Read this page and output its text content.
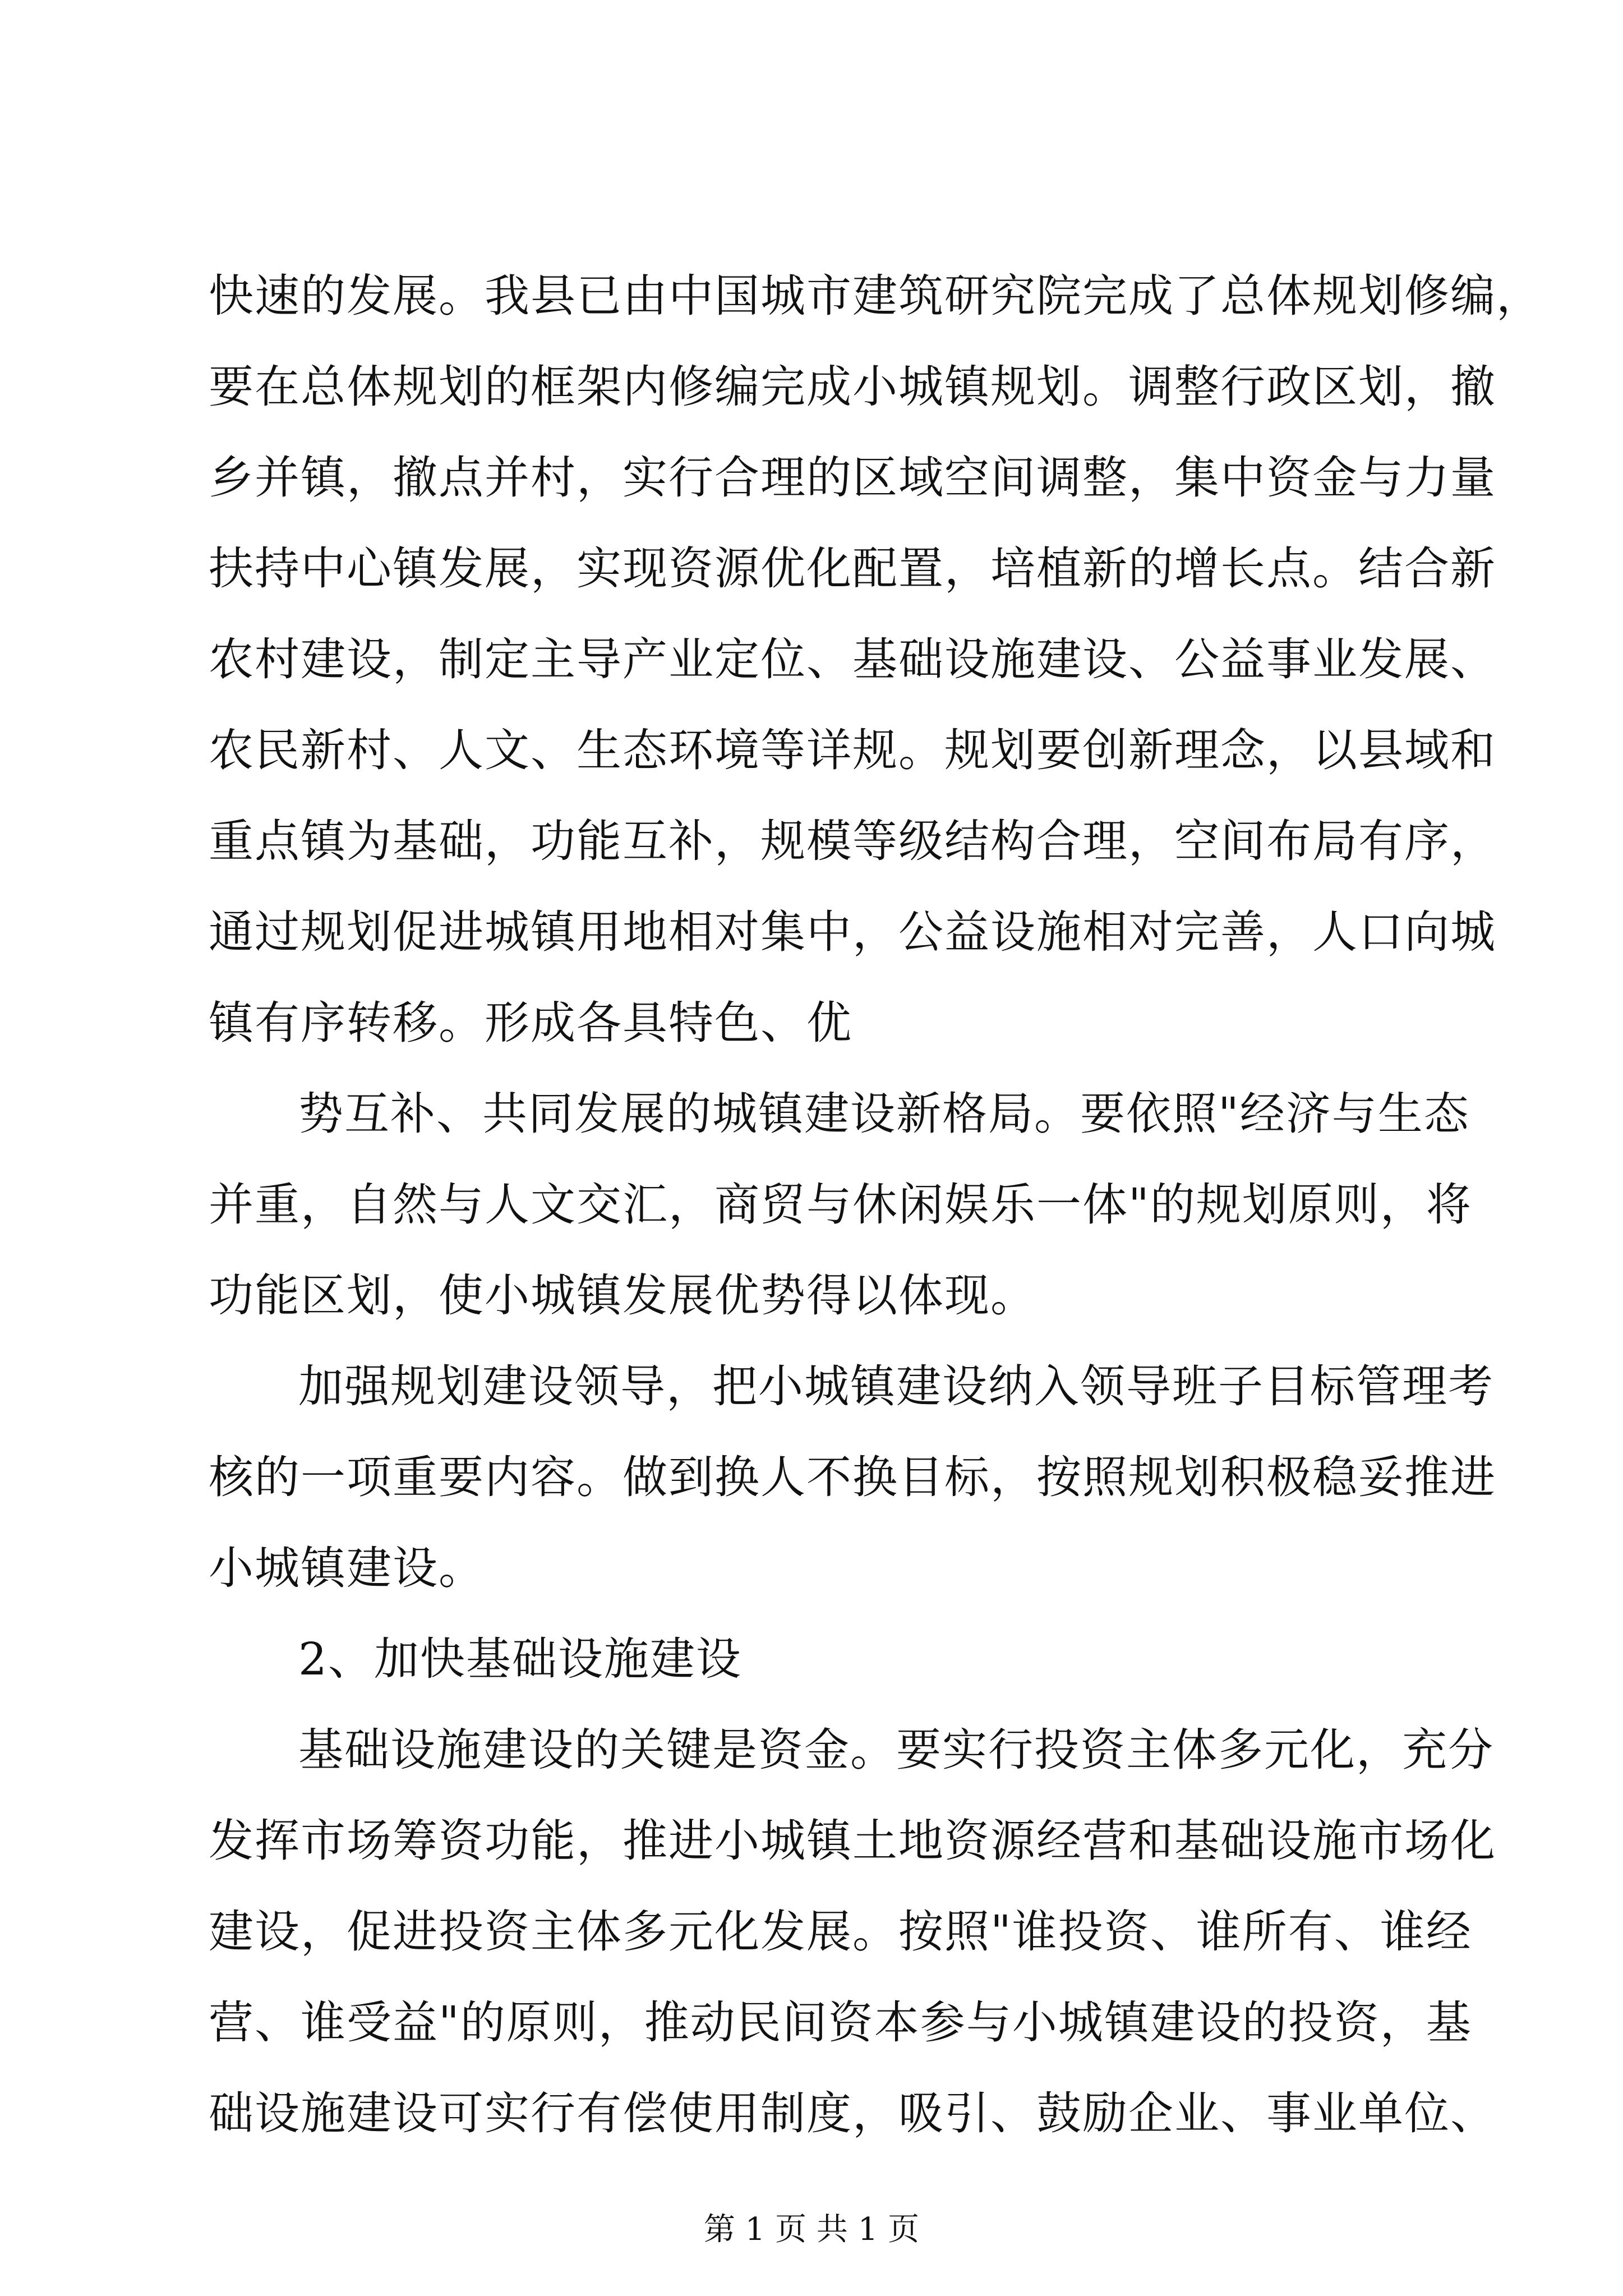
快速的发展。我县已由中国城市建筑研究院完成了总体规划修编，
要在总体规划的框架内修编完成小城镇规划。调整行政区划，撤
乡并镇，撤点并村，实行合理的区域空间调整，集中资金与力量
扶持中心镇发展，实现资源优化配置，培植新的增长点。结合新
农村建设，制定主导产业定位、基础设施建设、公益事业发展、
农民新村、人文、生态环境等详规。规划要创新理念，以县域和
重点镇为基础，功能互补，规模等级结构合理，空间布局有序，
通过规划促进城镇用地相对集中，公益设施相对完善，人口向城
镇有序转移。形成各具特色、优
势互补、共同发展的城镇建设新格局。要依照"经济与生态
并重，自然与人文交汇，商贸与休闲娱乐一体"的规划原则，将
功能区划，使小城镇发展优势得以体现。
加强规划建设领导，把小城镇建设纳入领导班子目标管理考
核的一项重要内容。做到换人不换目标，按照规划积极稳妥推进
小城镇建设。
2、加快基础设施建设
基础设施建设的关键是资金。要实行投资主体多元化，充分
发挥市场筹资功能，推进小城镇土地资源经营和基础设施市场化
建设，促进投资主体多元化发展。按照"谁投资、谁所有、谁经
营、谁受益"的原则，推动民间资本参与小城镇建设的投资，基
础设施建设可实行有偿使用制度，吸引、鼓励企业、事业单位、
第 1 页 共 1 页
